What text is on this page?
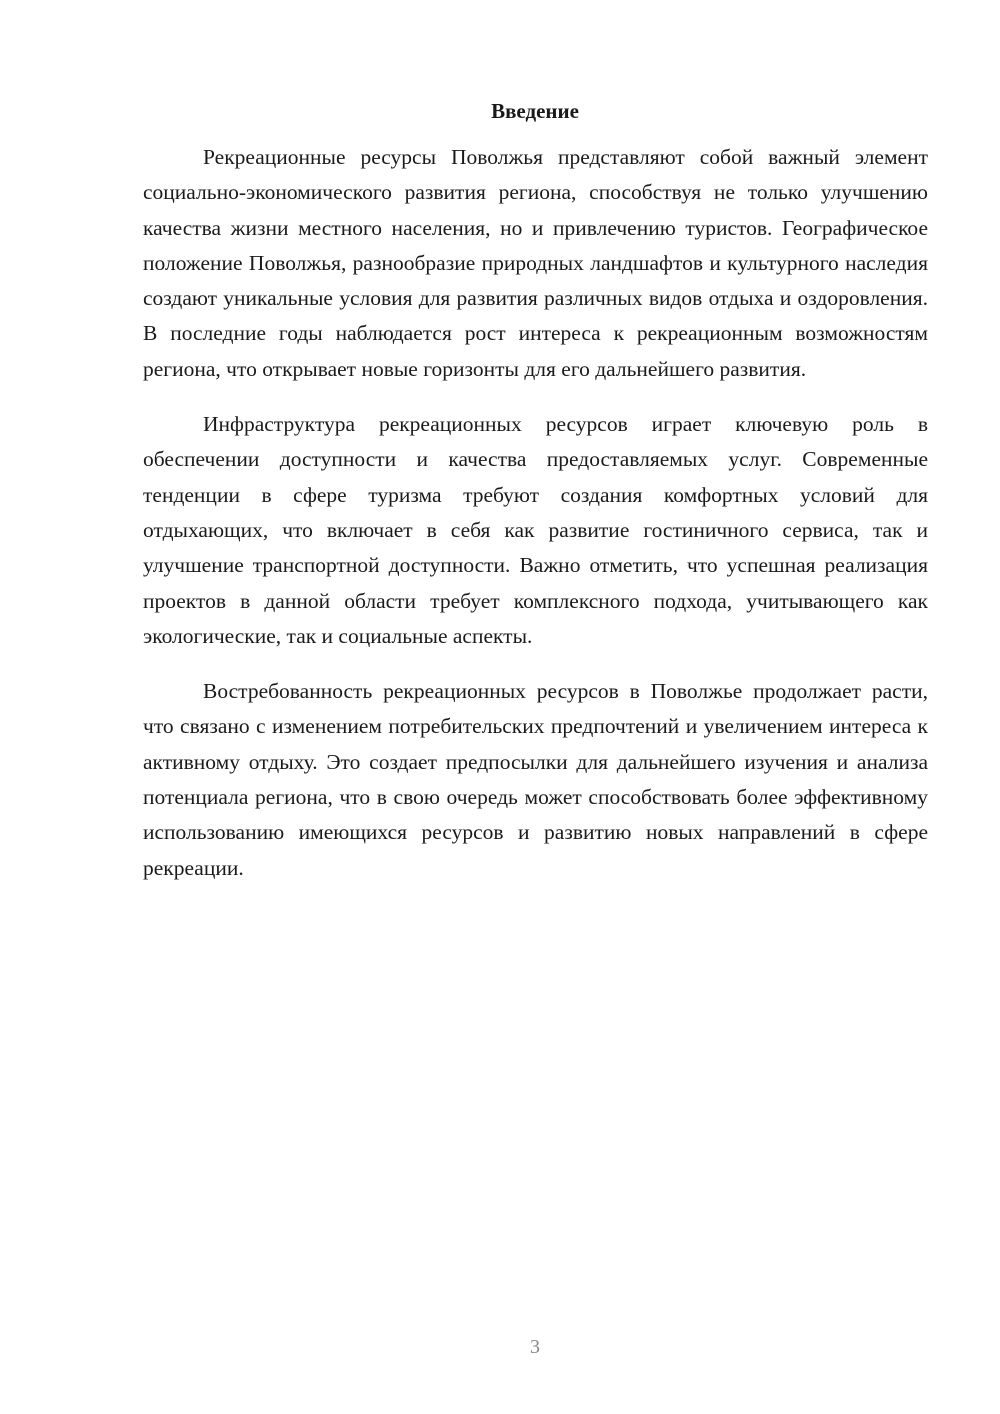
Введение

Рекреационные ресурсы Поволжья представляют собой важный элемент социально-экономического развития региона, способствуя не только улучшению качества жизни местного населения, но и привлечению туристов. Географическое положение Поволжья, разнообразие природных ландшафтов и культурного наследия создают уникальные условия для развития различных видов отдыха и оздоровления. В последние годы наблюдается рост интереса к рекреационным возможностям региона, что открывает новые горизонты для его дальнейшего развития.

Инфраструктура рекреационных ресурсов играет ключевую роль в обеспечении доступности и качества предоставляемых услуг. Современные тенденции в сфере туризма требуют создания комфортных условий для отдыхающих, что включает в себя как развитие гостиничного сервиса, так и улучшение транспортной доступности. Важно отметить, что успешная реализация проектов в данной области требует комплексного подхода, учитывающего как экологические, так и социальные аспекты.

Востребованность рекреационных ресурсов в Поволжье продолжает расти, что связано с изменением потребительских предпочтений и увеличением интереса к активному отдыху. Это создает предпосылки для дальнейшего изучения и анализа потенциала региона, что в свою очередь может способствовать более эффективному использованию имеющихся ресурсов и развитию новых направлений в сфере рекреации.

3
